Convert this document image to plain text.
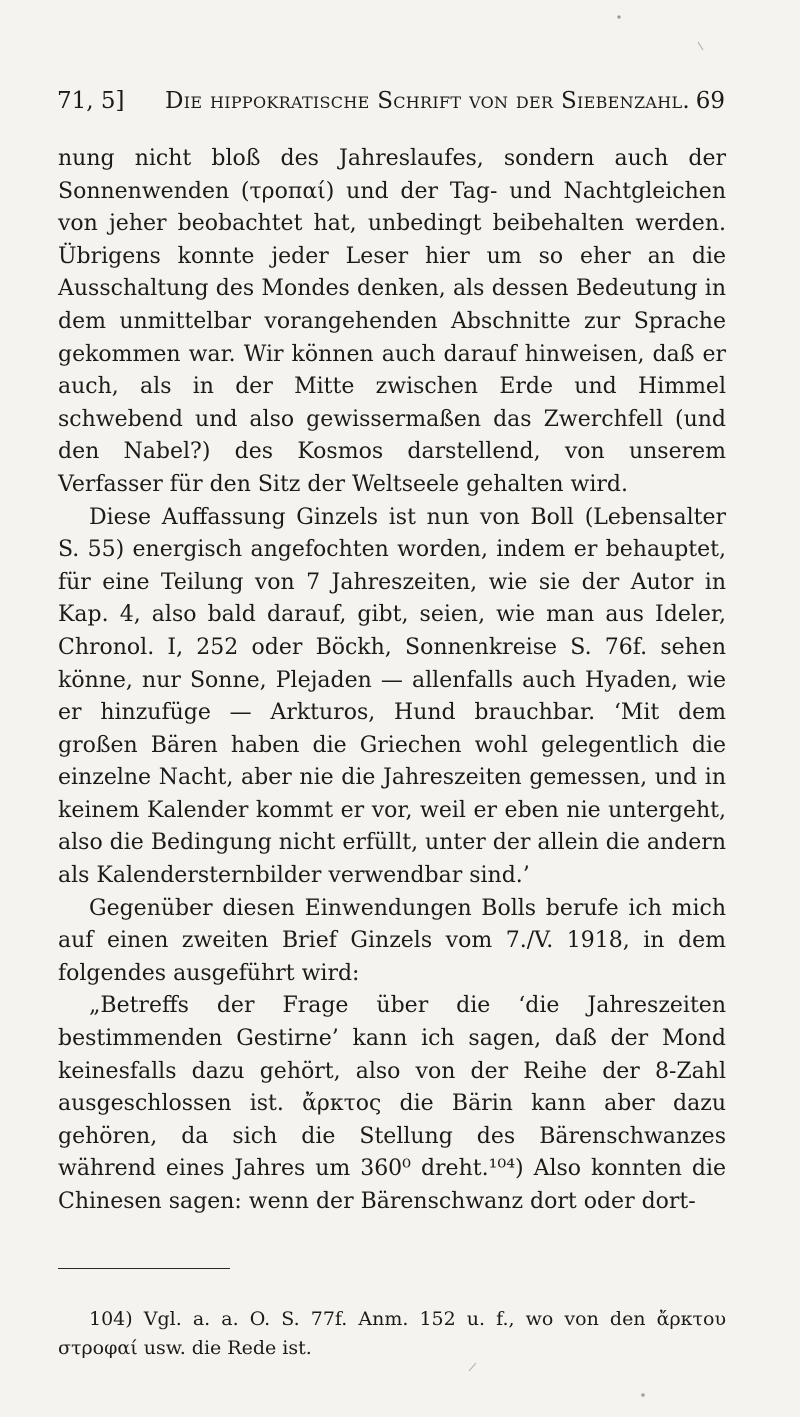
71, 5] Die hippokratische Schrift von der Siebenzahl. 69

nung nicht bloß des Jahreslaufes, sondern auch der Sonnenwenden (τροπαί) und der Tag- und Nachtgleichen von jeher beobachtet hat, unbedingt beibehalten werden. Übrigens konnte jeder Leser hier um so eher an die Ausschaltung des Mondes denken, als dessen Bedeutung in dem unmittelbar vorangehenden Abschnitte zur Sprache gekommen war. Wir können auch darauf hinweisen, daß er auch, als in der Mitte zwischen Erde und Himmel schwebend und also gewissermaßen das Zwerchfell (und den Nabel?) des Kosmos darstellend, von unserem Verfasser für den Sitz der Weltseele gehalten wird.

Diese Auffassung Ginzels ist nun von Boll (Lebensalter S. 55) energisch angefochten worden, indem er behauptet, für eine Teilung von 7 Jahreszeiten, wie sie der Autor in Kap. 4, also bald darauf, gibt, seien, wie man aus Ideler, Chronol. I, 252 oder Böckh, Sonnenkreise S. 76f. sehen könne, nur Sonne, Plejaden — allenfalls auch Hyaden, wie er hinzufüge — Arkturos, Hund brauchbar. ‘Mit dem großen Bären haben die Griechen wohl gelegentlich die einzelne Nacht, aber nie die Jahreszeiten gemessen, und in keinem Kalender kommt er vor, weil er eben nie untergeht, also die Bedingung nicht erfüllt, unter der allein die andern als Kalendersternbilder verwendbar sind.’

Gegenüber diesen Einwendungen Bolls berufe ich mich auf einen zweiten Brief Ginzels vom 7./V. 1918, in dem folgendes ausgeführt wird:

„Betreffs der Frage über die ‘die Jahreszeiten bestimmenden Gestirne’ kann ich sagen, daß der Mond keinesfalls dazu gehört, also von der Reihe der 8-Zahl ausgeschlossen ist. ἄρκτος die Bärin kann aber dazu gehören, da sich die Stellung des Bärenschwanzes während eines Jahres um 360⁰ dreht.¹⁰⁴) Also konnten die Chinesen sagen: wenn der Bärenschwanz dort oder dort-

104) Vgl. a. a. O. S. 77f. Anm. 152 u. f., wo von den ἄρκτου στροφαί usw. die Rede ist.
